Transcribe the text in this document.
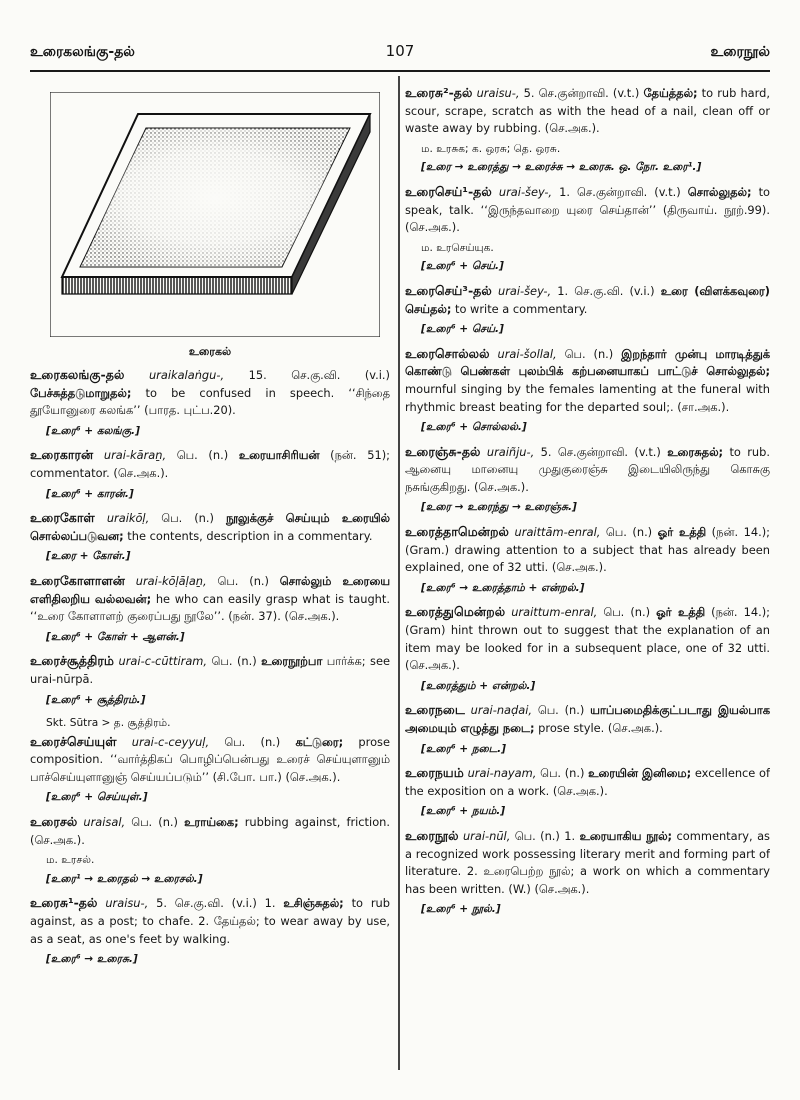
உரைகலங்கு-தல்	107	உரைநூல்
உரைகல்
உரைகலங்கு-தல் uraikalaṅgu-, 15. செ.கு.வி. (v.i.) பேச்சுத்தடுமாறுதல்; to be confused in speech. ‘‘சிந்தை தூயோனுரை கலங்க’’ (பாரத. புட்ப.20).
[உரை⁶ + கலங்கு.]
உரைகாரன் urai-kāraṉ, பெ. (n.) உரையாசிரியன் (நன். 51); commentator. (செ.அக.).
[உரை⁶ + காரன்.]
உரைகோள் uraikōḷ, பெ. (n.) நூலுக்குச் செய்யும் உரையில் சொல்லப்படுவன; the contents, description in a commentary.
[உரை + கோள்.]
உரைகோளாளன் urai-kōḷāḷaṉ, பெ. (n.) சொல்லும் உரையை எளிதிலறிய வல்லவன்; he who can easily grasp what is taught. ‘‘உரை கோளாளற் குரைப்பது நூலே’’. (நன். 37). (செ.அக.).
[உரை⁶ + கோள் + ஆளன்.]
உரைச்சூத்திரம் urai-c-cūttiram, பெ. (n.) உரைநூற்பா பார்க்க; see urai-nūrpā.
[உரை⁶ + சூத்திரம்.]
Skt. Sūtra > த. சூத்திரம்.
உரைச்செய்யுள் urai-c-ceyyuḷ, பெ. (n.) கட்டுரை; prose composition. ‘‘வார்த்திகப் பொழிப்பென்பது உரைச் செய்யுளானும் பாச்செய்யுளானுஞ் செய்யப்படும்’’ (சி.போ. பா.) (செ.அக.).
[உரை⁶ + செய்யுள்.]
உரைசல் uraisal, பெ. (n.) உராய்கை; rubbing against, friction. (செ.அக.).
ம. உரசல்.
[உரை¹ → உரைதல் → உரைசல்.]
உரைசு¹-தல் uraisu-, 5. செ.கு.வி. (v.i.) 1. உசிஞ்சுதல்; to rub against, as a post; to chafe. 2. தேய்தல்; to wear away by use, as a seat, as one's feet by walking.
[உரை⁶ → உரைசு.]
உரைசு²-தல் uraisu-, 5. செ.குன்றாவி. (v.t.) தேய்த்தல்; to rub hard, scour, scrape, scratch as with the head of a nail, clean off or waste away by rubbing. (செ.அக.).
ம. உரசுக; க. ஒரசு; தெ. ஒரசு.
[உரை → உரைத்து → உரைச்சு → உரைசு. ஒ. நோ. உரை¹.]
உரைசெய்¹-தல் urai-šey-, 1. செ.குன்றாவி. (v.t.) சொல்லுதல்; to speak, talk. ‘‘இருந்தவாறை யுரை செய்தான்’’ (திருவாய். நூற்.99). (செ.அக.).
ம. உரசெய்யுக.
[உரை⁶ + செய்.]
உரைசெய்³-தல் urai-šey-, 1. செ.கு.வி. (v.i.) உரை (விளக்கவுரை) செய்தல்; to write a commentary.
[உரை⁶ + செய்.]
உரைசொல்லல் urai-šollal, பெ. (n.) இறந்தார் முன்பு மாரடித்துக் கொண்டு பெண்கள் புலம்பிக் கற்பனையாகப் பாட்டுச் சொல்லுதல்; mournful singing by the females lamenting at the funeral with rhythmic breast beating for the departed soul;. (சா.அக.).
[உரை⁶ + சொல்லல்.]
உரைஞ்சு-தல் uraiñju-, 5. செ.குன்றாவி. (v.t.) உரைசுதல்; to rub. ஆனையு மானையு முதுகுரைஞ்சு இடையிலிருந்து கொசுகு நசுங்குகிறது. (செ.அக.).
[உரை → உரைந்து → உரைஞ்சு.]
உரைத்தாமென்றல் uraittām-enral, பெ. (n.) ஓர் உத்தி (நன். 14.); (Gram.) drawing attention to a subject that has already been explained, one of 32 utti. (செ.அக.).
[உரை⁶ → உரைத்தாம் + என்றல்.]
உரைத்துமென்றல் uraittum-enral, பெ. (n.) ஓர் உத்தி (நன். 14.); (Gram) hint thrown out to suggest that the explanation of an item may be looked for in a subsequent place, one of 32 utti. (செ.அக.).
[உரைத்தும் + என்றல்.]
உரைநடை urai-naḍai, பெ. (n.) யாப்பமைதிக்குட்படாது இயல்பாக அமையும் எழுத்து நடை; prose style. (செ.அக.).
[உரை⁶ + நடை.]
உரைநயம் urai-nayam, பெ. (n.) உரையின் இனிமை; excellence of the exposition on a work. (செ.அக.).
[உரை⁶ + நயம்.]
உரைநூல் urai-nūl, பெ. (n.) 1. உரையாகிய நூல்; commentary, as a recognized work possessing literary merit and forming part of literature. 2. உரைபெற்ற நூல்; a work on which a commentary has been written. (W.) (செ.அக.).
[உரை⁶ + நூல்.]
